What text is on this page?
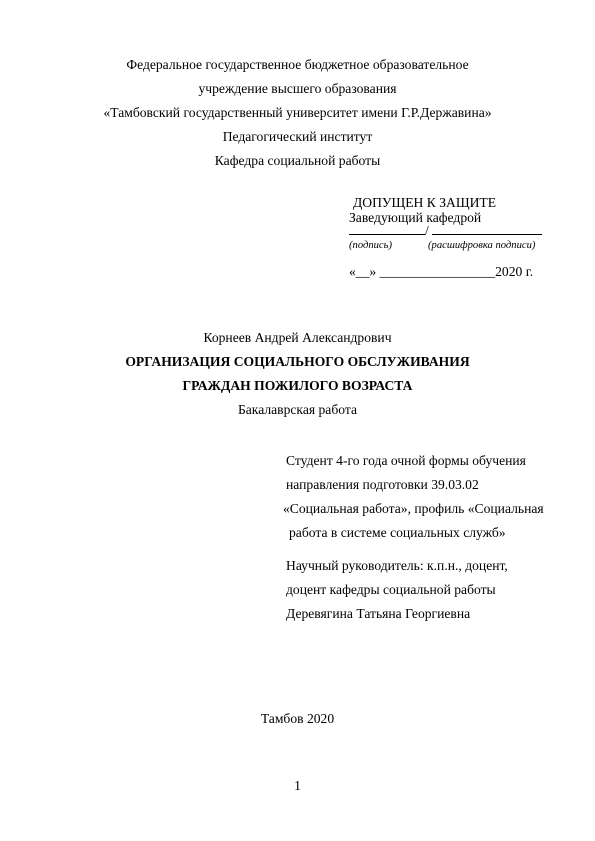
Федеральное государственное бюджетное образовательное
учреждение высшего образования
«Тамбовский государственный университет имени Г.Р.Державина»
Педагогический институт
Кафедра социальной работы
ДОПУЩЕН К ЗАЩИТЕ
Заведующий кафедрой
/
(подпись)	(расшифровка подписи)
«__» _________________2020 г.
Корнеев Андрей Александрович
ОРГАНИЗАЦИЯ СОЦИАЛЬНОГО ОБСЛУЖИВАНИЯ
ГРАЖДАН ПОЖИЛОГО ВОЗРАСТА
Бакалаврская работа
Студент 4-го года очной формы обучения
направления подготовки 39.03.02
«Социальная работа», профиль «Социальная
работа в системе социальных служб»
Научный руководитель: к.п.н., доцент,
доцент кафедры социальной работы
Деревягина Татьяна Георгиевна
Тамбов 2020
1
